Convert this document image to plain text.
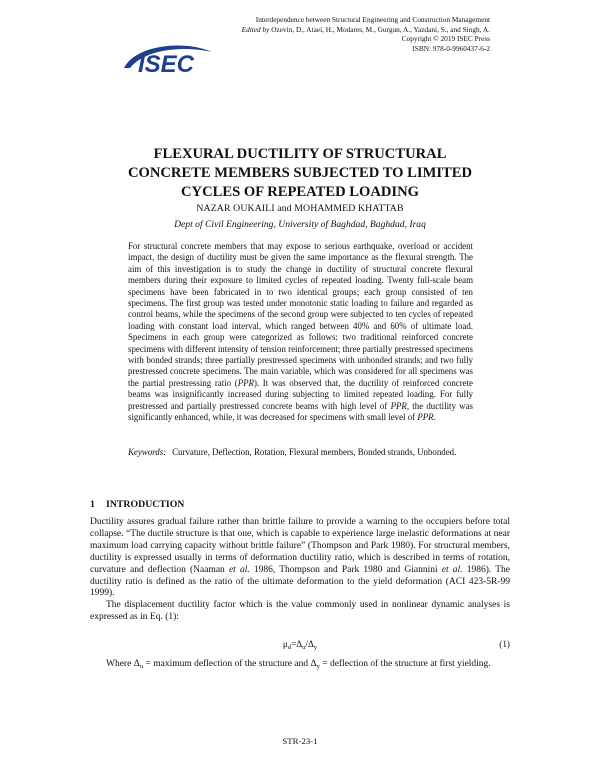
ISEC
Interdependence between Structural Engineering and Construction Management
Edited by Ozevin, D., Ataei, H., Modares, M., Gurgun, A., Yazdani, S., and Singh, A.
Copyright © 2019 ISEC Press
ISBN: 978-0-9960437-6-2
FLEXURAL DUCTILITY OF STRUCTURAL
CONCRETE MEMBERS SUBJECTED TO LIMITED
CYCLES OF REPEATED LOADING
NAZAR OUKAILI and MOHAMMED KHATTAB
Dept of Civil Engineering, University of Baghdad, Baghdad, Iraq

For structural concrete members that may expose to serious earthquake, overload or accident impact, the design of ductility must be given the same importance as the flexural strength. The aim of this investigation is to study the change in ductility of structural concrete flexural members during their exposure to limited cycles of repeated loading. Twenty full-scale beam specimens have been fabricated in to two identical groups; each group consisted of ten specimens. The first group was tested under monotonic static loading to failure and regarded as control beams, while the specimens of the second group were subjected to ten cycles of repeated loading with constant load interval, which ranged between 40% and 60% of ultimate load. Specimens in each group were categorized as follows: two traditional reinforced concrete specimens with different intensity of tension reinforcement; three partially prestressed specimens with bonded strands; three partially prestressed specimens with unbonded strands; and two fully prestressed concrete specimens. The main variable, which was considered for all specimens was the partial prestressing ratio (PPR). It was observed that, the ductility of reinforced concrete beams was insignificantly increased during subjecting to limited repeated loading. For fully prestressed and partially prestressed concrete beams with high level of PPR, the ductility was significantly enhanced, while, it was decreased for specimens with small level of PPR.

Keywords: Curvature, Deflection, Rotation, Flexural members, Bonded strands, Unbonded.
1 INTRODUCTION

Ductility assures gradual failure rather than brittle failure to provide a warning to the occupiers before total collapse. “The ductile structure is that one, which is capable to experience large inelastic deformations at near maximum load carrying capacity without brittle failure” (Thompson and Park 1980). For structural members, ductility is expressed usually in terms of deformation ductility ratio, which is described in terms of rotation, curvature and deflection (Naaman et al. 1986, Thompson and Park 1980 and Giannini et al. 1986). The ductility ratio is defined as the ratio of the ultimate deformation to the yield deformation (ACI 423-5R-99 1999).

The displacement ductility factor which is the value commonly used in nonlinear dynamic analyses is expressed as in Eq. (1):

$\mu_d=\Delta_u/\Delta_y$	(1)

Where $\Delta_u$ = maximum deflection of the structure and $\Delta_y$ = deflection of the structure at first yielding.

STR-23-1
